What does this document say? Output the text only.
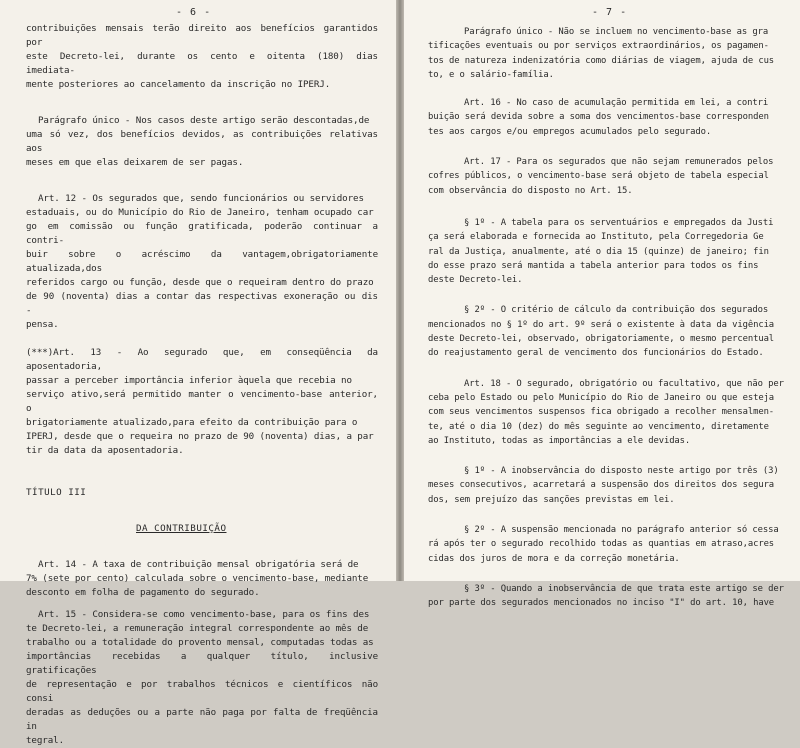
- 6 -

contribuições mensais terão direito aos benefícios garantidos por

este Decreto-lei, durante os cento e oitenta (180) dias imediata-

mente posteriores ao cancelamento da inscrição no IPERJ.

Parágrafo único - Nos casos deste artigo serão descontadas,de

uma só vez, dos benefícios devidos, as contribuições relativas aos

meses em que elas deixarem de ser pagas.

Art. 12 - Os segurados que, sendo funcionários ou servidores

estaduais, ou do Município do Rio de Janeiro, tenham ocupado car

go em comissão ou função gratificada, poderão continuar a contri-

buir sobre o acréscimo da vantagem,obrigatoriamente atualizada,dos

referidos cargo ou função, desde que o requeiram dentro do prazo

de 90 (noventa) dias a contar das respectivas exoneração ou dis -

pensa.

(***)Art. 13 - Ao segurado que, em conseqüência da aposentadoria,

passar a perceber importância inferior àquela que recebia no

serviço ativo,será permitido manter o vencimento-base anterior, o

brigatoriamente atualizado,para efeito da contribuição para o

IPERJ, desde que o requeira no prazo de 90 (noventa) dias, a par

tir da data da aposentadoria.

TÍTULO III

DA CONTRIBUIÇÃO

Art. 14 - A taxa de contribuição mensal obrigatória será de

7% (sete por cento) calculada sobre o vencimento-base, mediante

desconto em folha de pagamento do segurado.

Art. 15 - Considera-se como vencimento-base, para os fins des

te Decreto-lei, a remuneração integral correspondente ao mês de

trabalho ou a totalidade do provento mensal, computadas todas as

importâncias recebidas a qualquer título, inclusive gratificações

de representação e por trabalhos técnicos e científicos não consi

deradas as deduções ou a parte não paga por falta de freqüência in

tegral.

- 7 -

Parágrafo único - Não se incluem no vencimento-base as gra

tificações eventuais ou por serviços extraordinários, os pagamen-

tos de natureza indenizatória como diárias de viagem, ajuda de cus

to, e o salário-família.

Art. 16 - No caso de acumulação permitida em lei, a contri

buição será devida sobre a soma dos vencimentos-base corresponden

tes aos cargos e/ou empregos acumulados pelo segurado.

Art. 17 - Para os segurados que não sejam remunerados pelos

cofres públicos, o vencimento-base será objeto de tabela especial

com observância do disposto no Art. 15.

§ 1º - A tabela para os serventuários e empregados da Justi

ça será elaborada e fornecida ao Instituto, pela Corregedoria Ge

ral da Justiça, anualmente, até o dia 15 (quinze) de janeiro; fin

do esse prazo será mantida a tabela anterior para todos os fins

deste Decreto-lei.

§ 2º - O critério de cálculo da contribuição dos segurados

mencionados no § 1º do art. 9º será o existente à data da vigência

deste Decreto-lei, observado, obrigatoriamente, o mesmo percentual

do reajustamento geral de vencimento dos funcionários do Estado.

Art. 18 - O segurado, obrigatório ou facultativo, que não per

ceba pelo Estado ou pelo Município do Rio de Janeiro ou que esteja

com seus vencimentos suspensos fica obrigado a recolher mensalmen-

te, até o dia 10 (dez) do mês seguinte ao vencimento, diretamente

ao Instituto, todas as importâncias a ele devidas.

§ 1º - A inobservância do disposto neste artigo por três (3)

meses consecutivos, acarretará a suspensão dos direitos dos segura

dos, sem prejuízo das sanções previstas em lei.

§ 2º - A suspensão mencionada no parágrafo anterior só cessa

rá após ter o segurado recolhido todas as quantias em atraso,acres

cidas dos juros de mora e da correção monetária.

§ 3º - Quando a inobservância de que trata este artigo se der

por parte dos segurados mencionados no inciso "I" do art. 10, have
